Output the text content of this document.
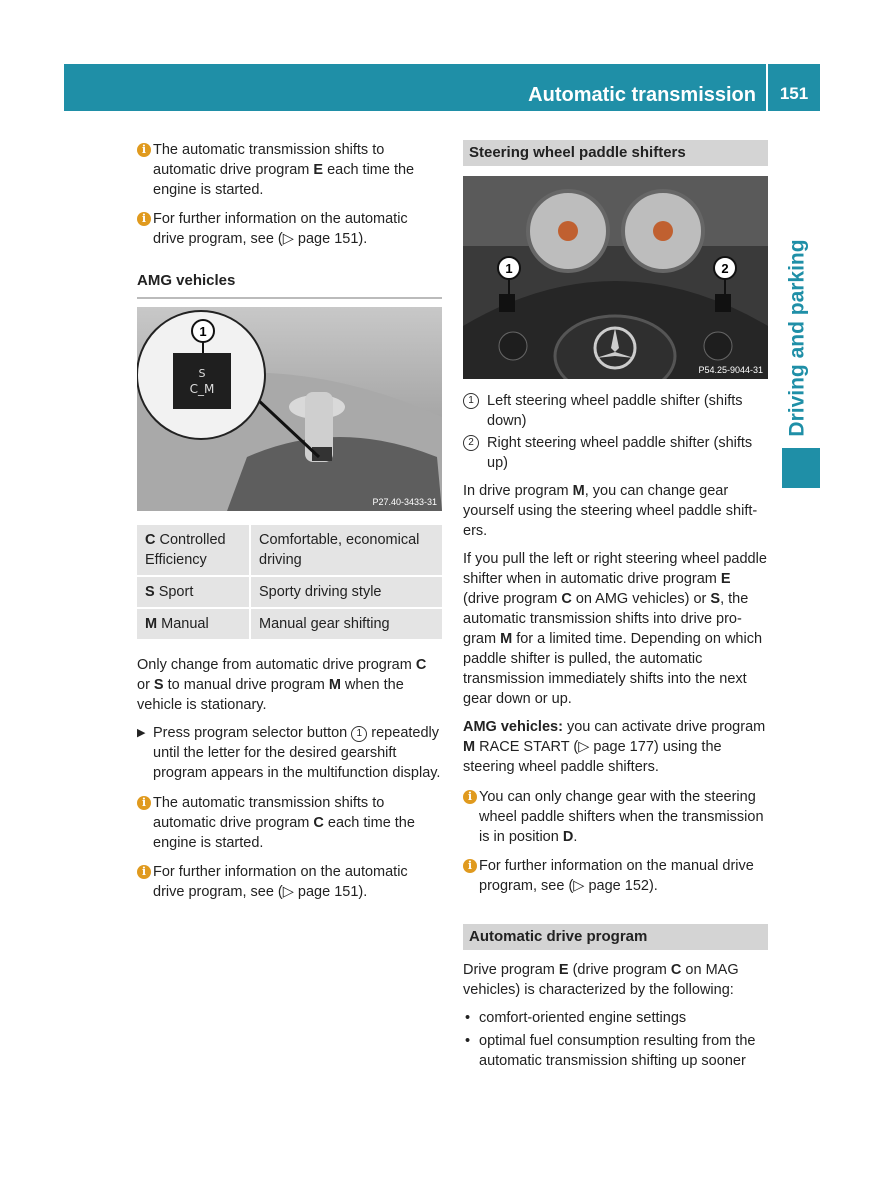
Automatic transmission	151
Driving and parking
i The automatic transmission shifts to automatic drive program E each time the engine is started.
i For further information on the automatic drive program, see (▷ page 151).
AMG vehicles
S
C_M
1
P27.40-3433-31
C Controlled Efficiency	Comfortable, economical driving
S Sport	Sporty driving style
M Manual	Manual gear shifting

Only change from automatic drive program C or S to manual drive program M when the vehicle is stationary.

▶ Press program selector button 1 repeatedly until the letter for the desired gearshift program appears in the multifunction display.
i The automatic transmission shifts to automatic drive program C each time the engine is started.
i For further information on the automatic drive program, see (▷ page 151).
Steering wheel paddle shifters
1	2
P54.25-9044-31
1 Left steering wheel paddle shifter (shifts down)
2 Right steering wheel paddle shifter (shifts up)

In drive program M, you can change gear yourself using the steering wheel paddle shifters.

If you pull the left or right steering wheel paddle shifter when in automatic drive program E (drive program C on AMG vehicles) or S, the automatic transmission shifts into drive program M for a limited time. Depending on which paddle shifter is pulled, the automatic transmission immediately shifts into the next gear down or up.

AMG vehicles: you can activate drive program M RACE START (▷ page 177) using the steering wheel paddle shifters.

i You can only change gear with the steering wheel paddle shifters when the transmission is in position D.
i For further information on the manual drive program, see (▷ page 152).
Automatic drive program

Drive program E (drive program C on MAG vehicles) is characterized by the following:

• comfort-oriented engine settings
• optimal fuel consumption resulting from the automatic transmission shifting up sooner
